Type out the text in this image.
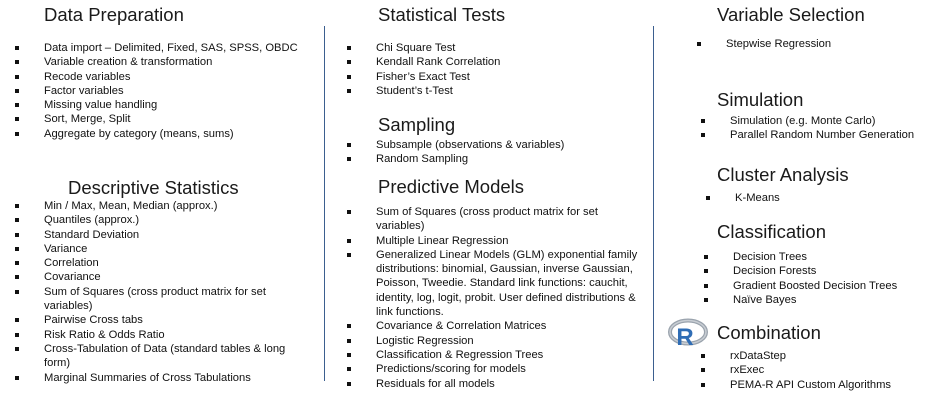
Data Preparation
Data import – Delimited, Fixed, SAS, SPSS, OBDC
Variable creation & transformation
Recode variables
Factor variables
Missing value handling
Sort, Merge, Split
Aggregate by category (means, sums)
Descriptive Statistics
Min / Max, Mean, Median (approx.)
Quantiles (approx.)
Standard Deviation
Variance
Correlation
Covariance
Sum of Squares (cross product matrix for set variables)
Pairwise Cross tabs
Risk Ratio & Odds Ratio
Cross-Tabulation of Data (standard tables & long form)
Marginal Summaries of Cross Tabulations
Statistical Tests
Chi Square Test
Kendall Rank Correlation
Fisher’s Exact Test
Student’s t-Test
Sampling
Subsample (observations & variables)
Random Sampling
Predictive Models
Sum of Squares (cross product matrix for set variables)
Multiple Linear Regression
Generalized Linear Models (GLM) exponential family distributions: binomial, Gaussian, inverse Gaussian, Poisson, Tweedie. Standard link functions: cauchit, identity, log, logit, probit. User defined distributions & link functions.
Covariance & Correlation Matrices
Logistic Regression
Classification & Regression Trees
Predictions/scoring for models
Residuals for all models
Variable Selection
Stepwise Regression
Simulation
Simulation (e.g. Monte Carlo)
Parallel Random Number Generation
Cluster Analysis
K-Means
Classification
Decision Trees
Decision Forests
Gradient Boosted Decision Trees
Naïve Bayes
R Combination
rxDataStep
rxExec
PEMA-R API Custom Algorithms
